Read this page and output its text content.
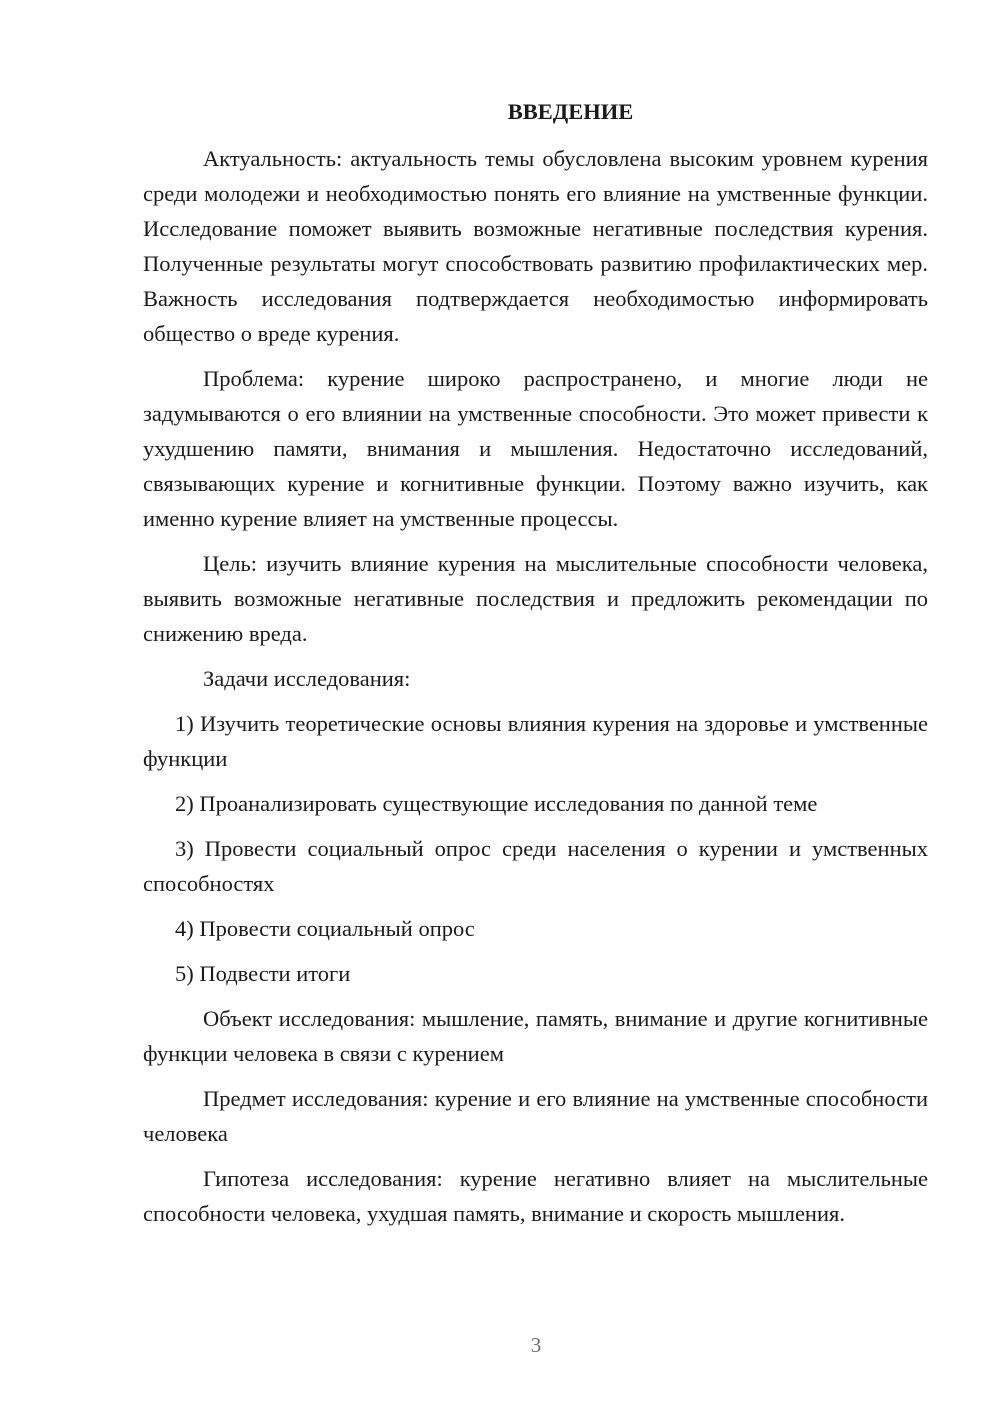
ВВЕДЕНИЕ

Актуальность: актуальность темы обусловлена высоким уровнем курения среди молодежи и необходимостью понять его влияние на умственные функции. Исследование поможет выявить возможные негативные последствия курения. Полученные результаты могут способствовать развитию профилактических мер. Важность исследования подтверждается необходимостью информировать общество о вреде курения.

Проблема: курение широко распространено, и многие люди не задумываются о его влиянии на умственные способности. Это может привести к ухудшению памяти, внимания и мышления. Недостаточно исследований, связывающих курение и когнитивные функции. Поэтому важно изучить, как именно курение влияет на умственные процессы.

Цель: изучить влияние курения на мыслительные способности человека, выявить возможные негативные последствия и предложить рекомендации по снижению вреда.

Задачи исследования:

1) Изучить теоретические основы влияния курения на здоровье и умственные функции

2) Проанализировать существующие исследования по данной теме

3) Провести социальный опрос среди населения о курении и умственных способностях

4) Провести социальный опрос

5) Подвести итоги

Объект исследования: мышление, память, внимание и другие когнитивные функции человека в связи с курением

Предмет исследования: курение и его влияние на умственные способности человека

Гипотеза исследования: курение негативно влияет на мыслительные способности человека, ухудшая память, внимание и скорость мышления.

3
